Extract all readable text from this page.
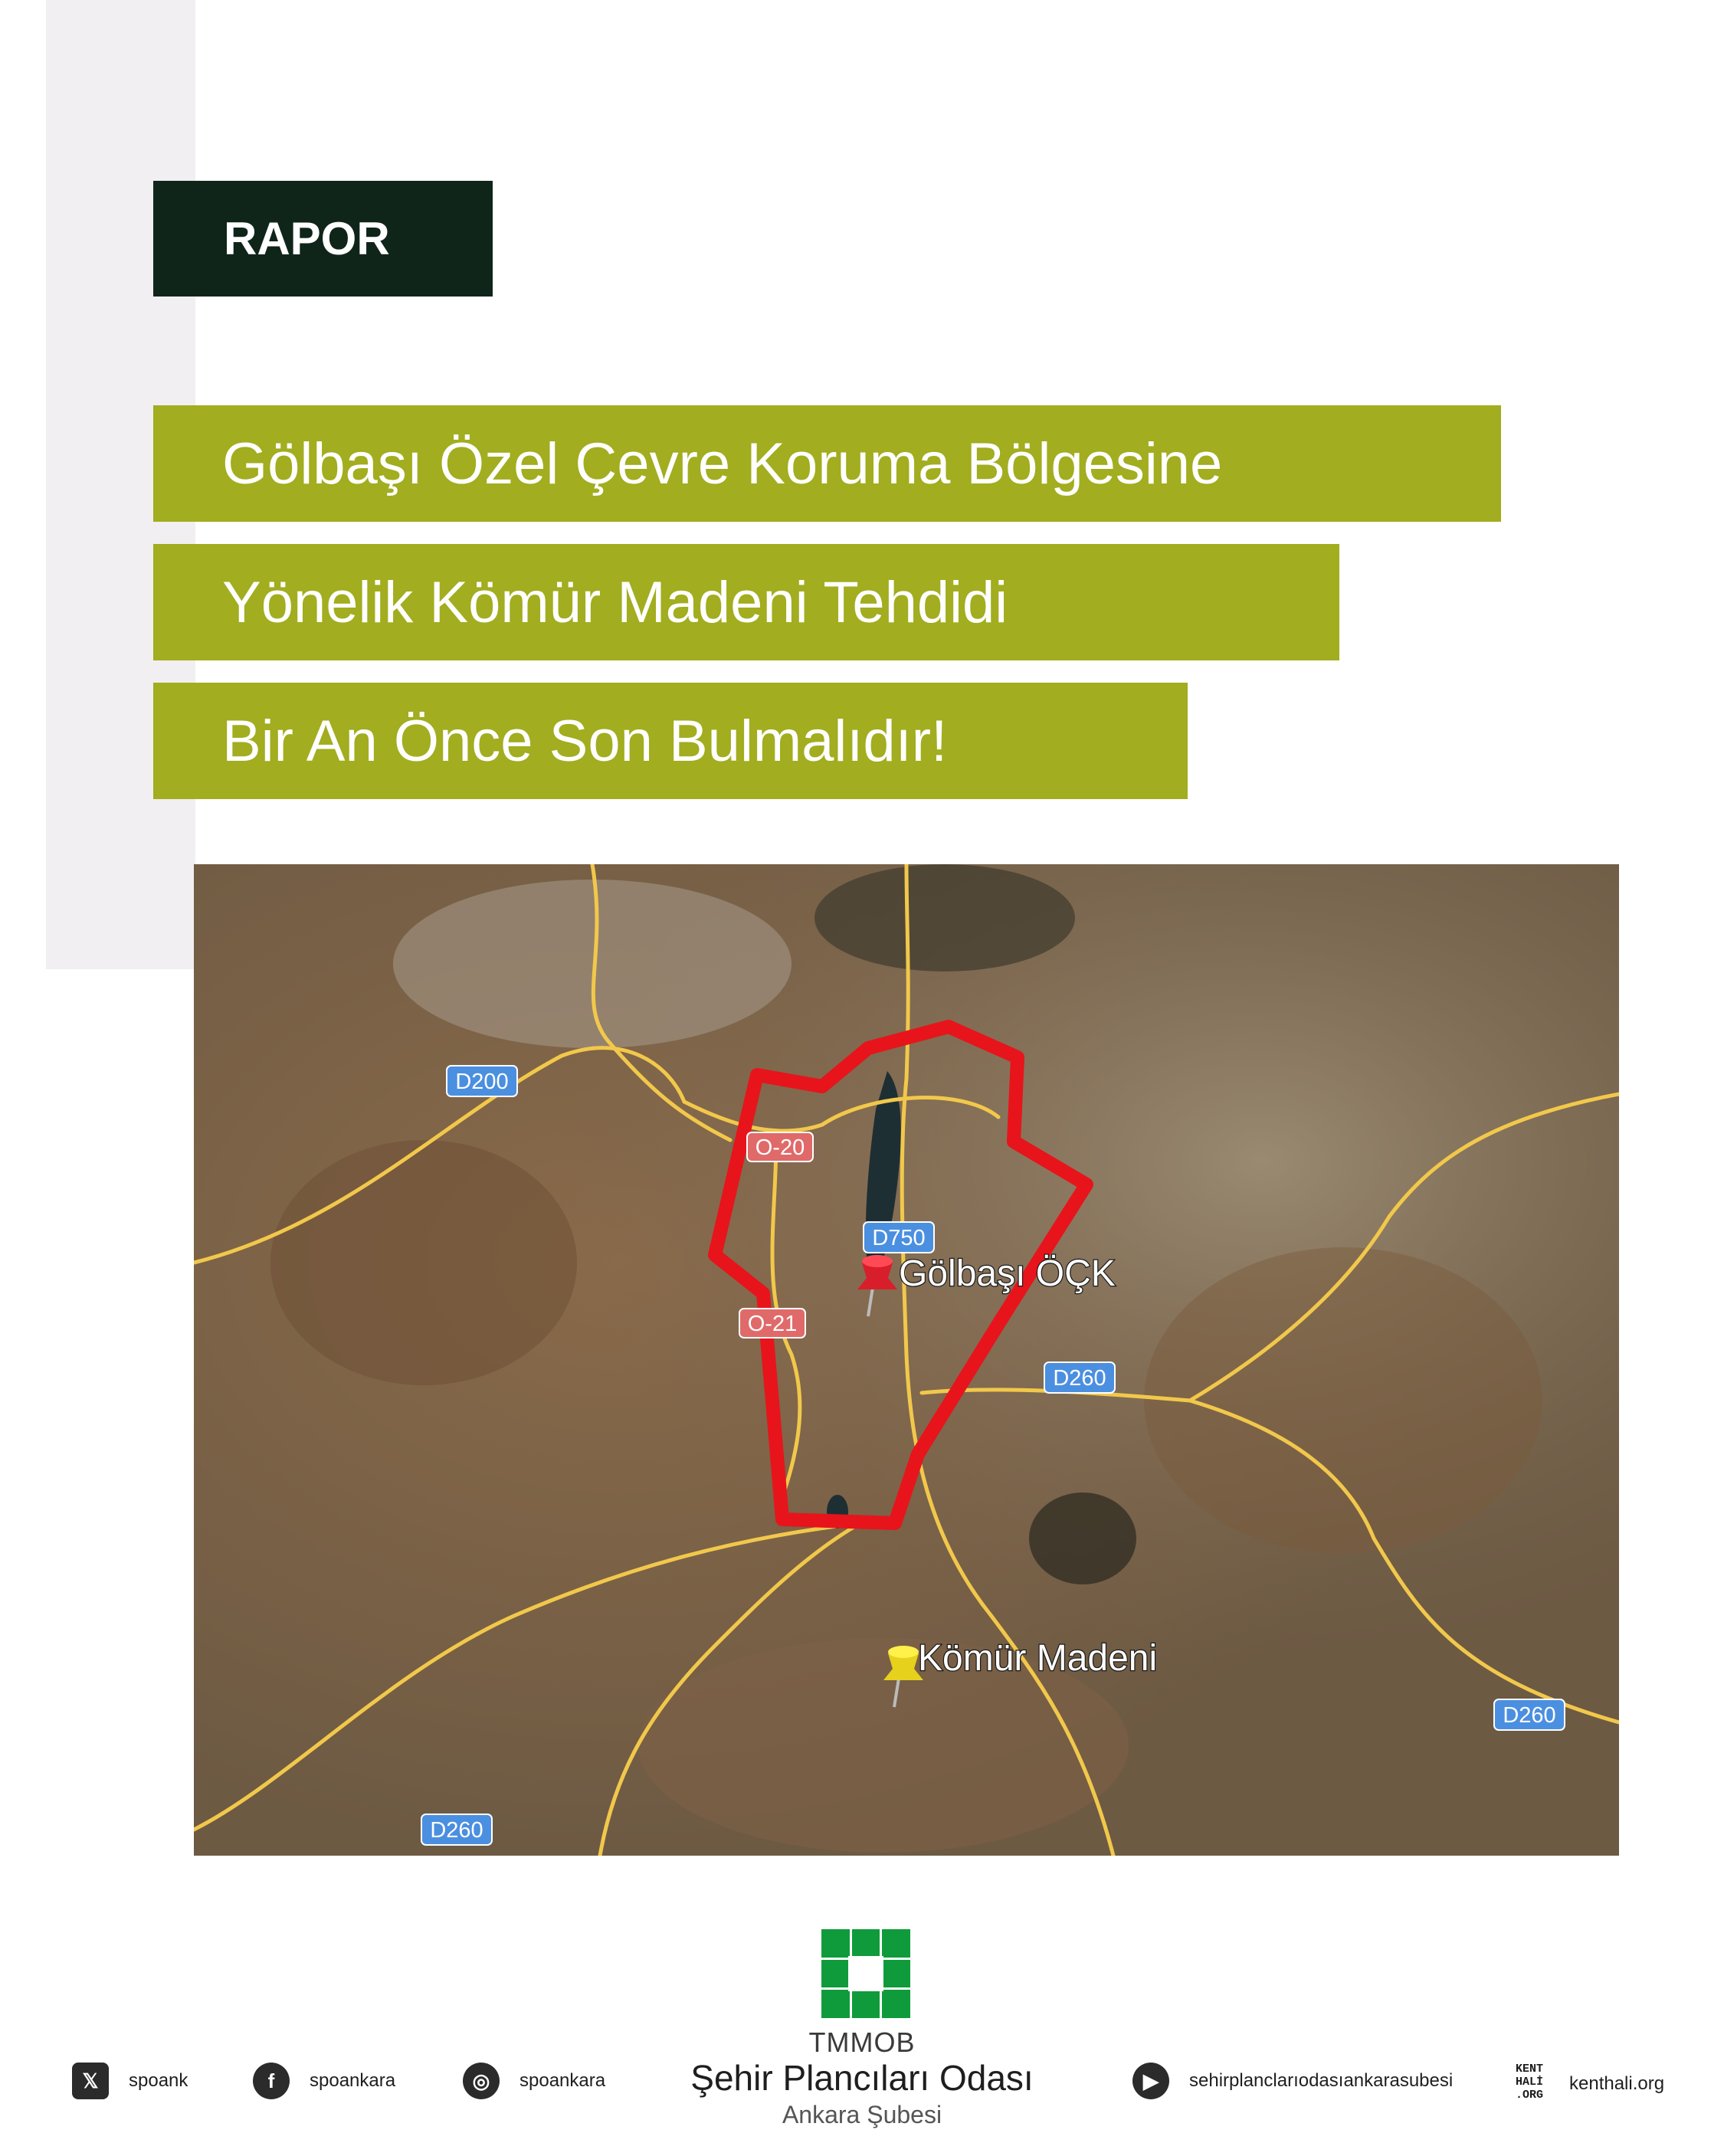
RAPOR
Gölbaşı Özel Çevre Koruma Bölgesine
Yönelik Kömür Madeni Tehdidi
Bir An Önce Son Bulmalıdır!
D200
O-20
D750
O-21
D260
D260
D260
Gölbaşı ÖÇK
Kömür Madeni
TMMOB
Şehir Plancıları Odası
Ankara Şubesi
𝕏	spoank	f	spoankara	◎	spoankara	▶	sehirplanclarıodasıankarasubesi
KENT
HALİ
.ORG
kenthali.org
